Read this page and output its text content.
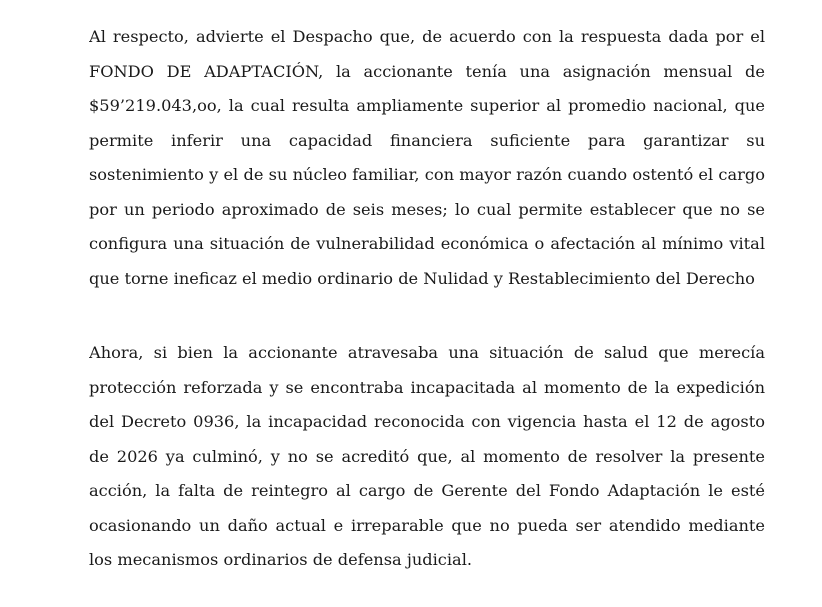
Al respecto, advierte el Despacho que, de acuerdo con la respuesta dada por el
FONDO DE ADAPTACIÓN, la accionante tenía una asignación mensual de
$59’219.043,oo, la cual resulta ampliamente superior al promedio nacional, que
permite inferir una capacidad financiera suficiente para garantizar su
sostenimiento y el de su núcleo familiar, con mayor razón cuando ostentó el cargo
por un periodo aproximado de seis meses; lo cual permite establecer que no se
configura una situación de vulnerabilidad económica o afectación al mínimo vital
que torne ineficaz el medio ordinario de Nulidad y Restablecimiento del Derecho

Ahora, si bien la accionante atravesaba una situación de salud que merecía
protección reforzada y se encontraba incapacitada al momento de la expedición
del Decreto 0936, la incapacidad reconocida con vigencia hasta el 12 de agosto
de 2026 ya culminó, y no se acreditó que, al momento de resolver la presente
acción, la falta de reintegro al cargo de Gerente del Fondo Adaptación le esté
ocasionando un daño actual e irreparable que no pueda ser atendido mediante
los mecanismos ordinarios de defensa judicial.
